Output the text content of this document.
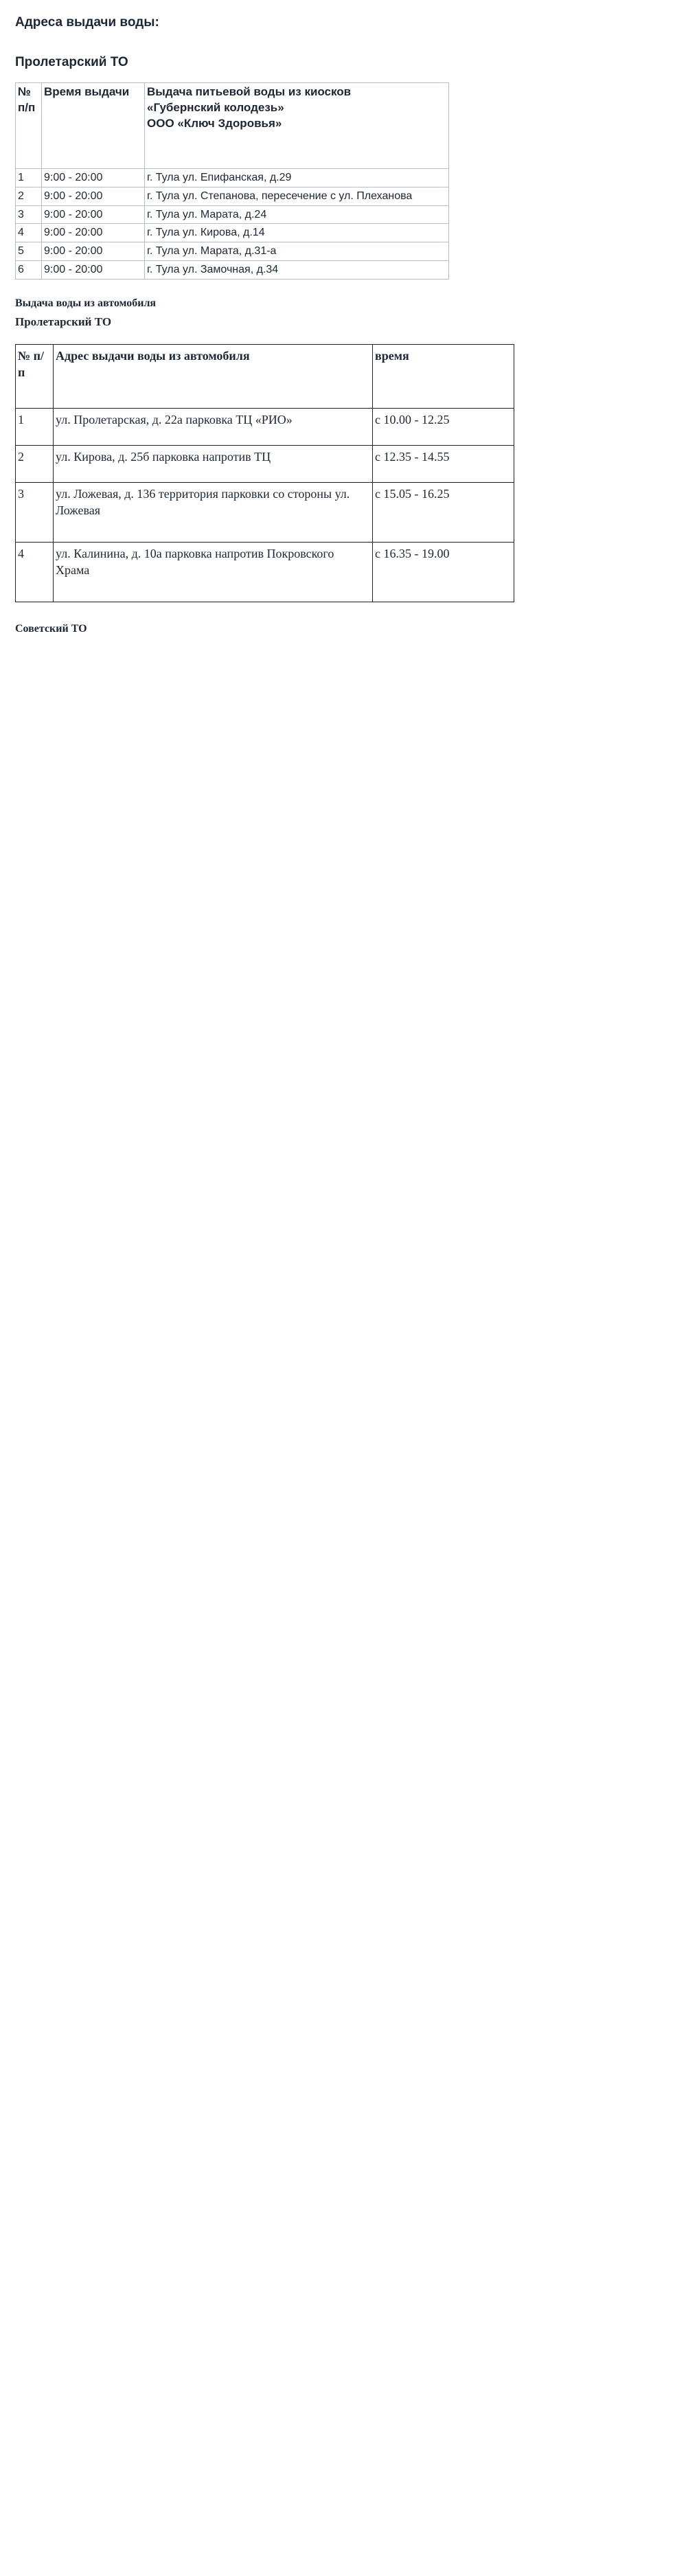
Адреса выдачи воды:
Пролетарский ТО
№ п/п	Время выдачи	Выдача питьевой воды из киосков
«Губернский колодезь»
ООО «Ключ Здоровья»

1	9:00 - 20:00	г. Тула ул. Епифанская, д.29
2	9:00 - 20:00	г. Тула ул. Степанова, пересечение с ул. Плеханова
3	9:00 - 20:00	г. Тула ул. Марата, д.24
4	9:00 - 20:00	г. Тула ул. Кирова, д.14
5	9:00 - 20:00	г. Тула ул. Марата, д.31-а
6	9:00 - 20:00	г. Тула ул. Замочная, д.34
Выдача воды из автомобиля
Пролетарский ТО
№ п/п	Адрес выдачи воды из автомобиля	время
1	ул. Пролетарская, д. 22а парковка ТЦ «РИО»	с 10.00 - 12.25
2	ул. Кирова, д. 25б парковка напротив ТЦ	с 12.35 - 14.55
3	ул. Ложевая, д. 136 территория парковки со стороны ул. Ложевая	с 15.05 - 16.25
4	ул. Калинина, д. 10а парковка напротив Покровского Храма	с 16.35 - 19.00
Советский ТО
